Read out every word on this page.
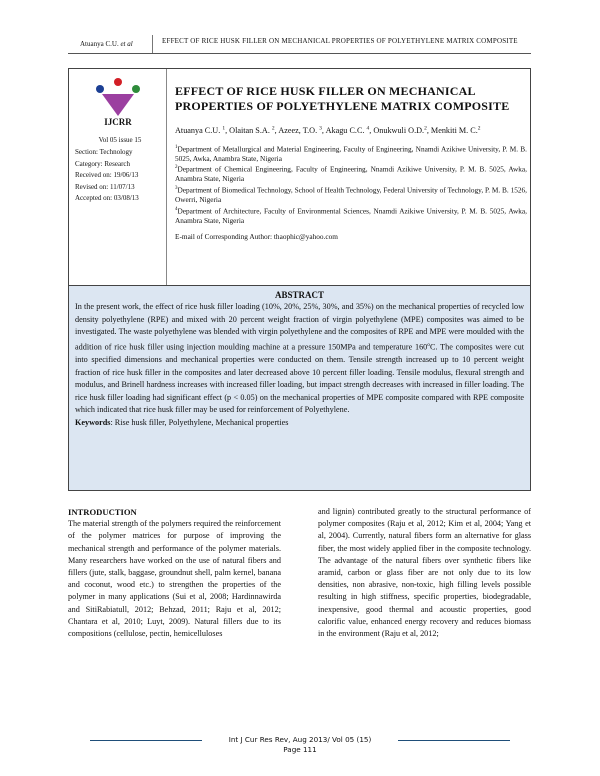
Atuanya C.U. et al	EFFECT OF RICE HUSK FILLER ON MECHANICAL PROPERTIES OF POLYETHYLENE MATRIX COMPOSITE
IJCRR
Vol 05 issue 15
Section: Technology
Category: Research
Received on: 19/06/13
Revised on: 11/07/13
Accepted on: 03/08/13
EFFECT OF RICE HUSK FILLER ON MECHANICAL PROPERTIES OF POLYETHYLENE MATRIX COMPOSITE
Atuanya C.U. $^1$, Olaitan S.A. $^2$, Azeez, T.O. $^3$, Akagu C.C. $^4$, Onukwuli O.D.$^2$, Menkiti M. C.$^2$

$^1$Department of Metallurgical and Material Engineering, Faculty of Engineering, Nnamdi Azikiwe University, P. M. B. 5025, Awka, Anambra State, Nigeria

$^2$Department of Chemical Engineering, Faculty of Engineering, Nnamdi Azikiwe University, P. M. B. 5025, Awka, Anambra State, Nigeria

$^3$Department of Biomedical Technology, School of Health Technology, Federal University of Technology, P. M. B. 1526, Owerri, Nigeria

$^4$Department of Architecture, Faculty of Environmental Sciences, Nnamdi Azikiwe University, P. M. B. 5025, Awka, Anambra State, Nigeria

E-mail of Corresponding Author: thaophic@yahoo.com
ABSTRACT
In the present work, the effect of rice husk filler loading (10%, 20%, 25%, 30%, and 35%) on the mechanical properties of recycled low density polyethylene (RPE) and mixed with 20 percent weight fraction of virgin polyethylene (MPE) composites was aimed to be investigated. The waste polyethylene was blended with virgin polyethylene and the composites of RPE and MPE were moulded with the addition of rice husk filler using injection moulding machine at a pressure 150MPa and temperature 160$^o$C. The composites were cut into specified dimensions and mechanical properties were conducted on them. Tensile strength increased up to 10 percent weight fraction of rice husk filler in the composites and later decreased above 10 percent filler loading. Tensile modulus, flexural strength and modulus, and Brinell hardness increases with increased filler loading, but impact strength decreases with increased in filler loading. The rice husk filler loading had significant effect (p < 0.05) on the mechanical properties of MPE composite compared with RPE composite which indicated that rice husk filler may be used for reinforcement of Polyethylene.
Keywords: Rise husk filler, Polyethylene, Mechanical properties
INTRODUCTION
The material strength of the polymers required the reinforcement of the polymer matrices for purpose of improving the mechanical strength and performance of the polymer materials. Many researchers have worked on the use of natural fibers and fillers (jute, stalk, baggase, groundnut shell, palm kernel, banana and coconut, wood etc.) to strengthen the properties of the polymer in many applications (Sui et al, 2008; Hardinnawirda and SitiRabiatull, 2012; Behzad, 2011; Raju et al, 2012; Chantara et al, 2010; Luyt, 2009). Natural fillers due to its compositions (cellulose, pectin, hemicelluloses
and lignin) contributed greatly to the structural performance of polymer composites (Raju et al, 2012; Kim et al, 2004; Yang et al, 2004). Currently, natural fibers form an alternative for glass fiber, the most widely applied fiber in the composite technology. The advantage of the natural fibers over synthetic fibers like aramid, carbon or glass fiber are not only due to its low densities, non abrasive, non-toxic, high filling levels possible resulting in high stiffness, specific properties, biodegradable, inexpensive, good thermal and acoustic properties, good calorific value, enhanced energy recovery and reduces biomass in the environment (Raju et al, 2012;
Int J Cur Res Rev, Aug 2013/ Vol 05 (15)
Page 111
